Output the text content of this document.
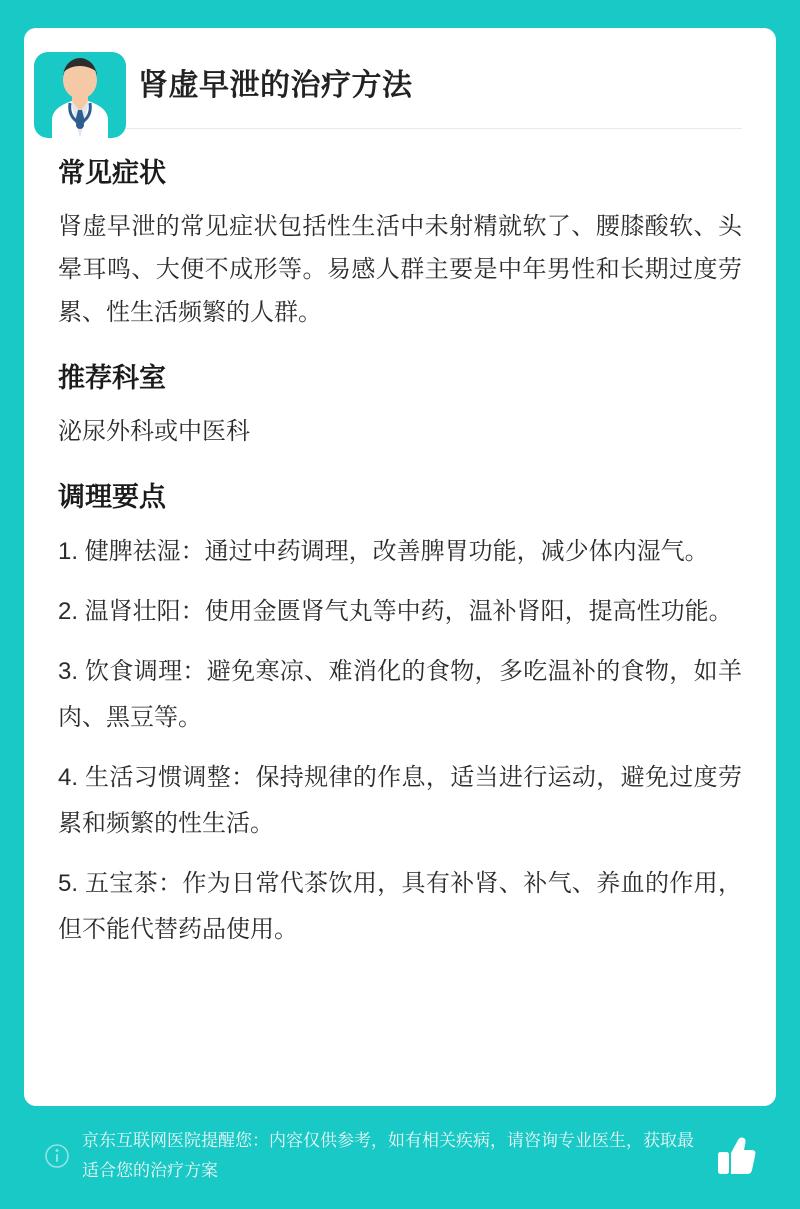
肾虚早泄的治疗方法
常见症状

肾虚早泄的常见症状包括性生活中未射精就软了、腰膝酸软、头晕耳鸣、大便不成形等。易感人群主要是中年男性和长期过度劳累、性生活频繁的人群。

推荐科室

泌尿外科或中医科

调理要点
1. 健脾祛湿：通过中药调理，改善脾胃功能，减少体内湿气。
2. 温肾壮阳：使用金匮肾气丸等中药，温补肾阳，提高性功能。
3. 饮食调理：避免寒凉、难消化的食物，多吃温补的食物，如羊肉、黑豆等。
4. 生活习惯调整：保持规律的作息，适当进行运动，避免过度劳累和频繁的性生活。
5. 五宝茶：作为日常代茶饮用，具有补肾、补气、养血的作用，但不能代替药品使用。
京东互联网医院提醒您：内容仅供参考，如有相关疾病，请咨询专业医生，获取最适合您的治疗方案
